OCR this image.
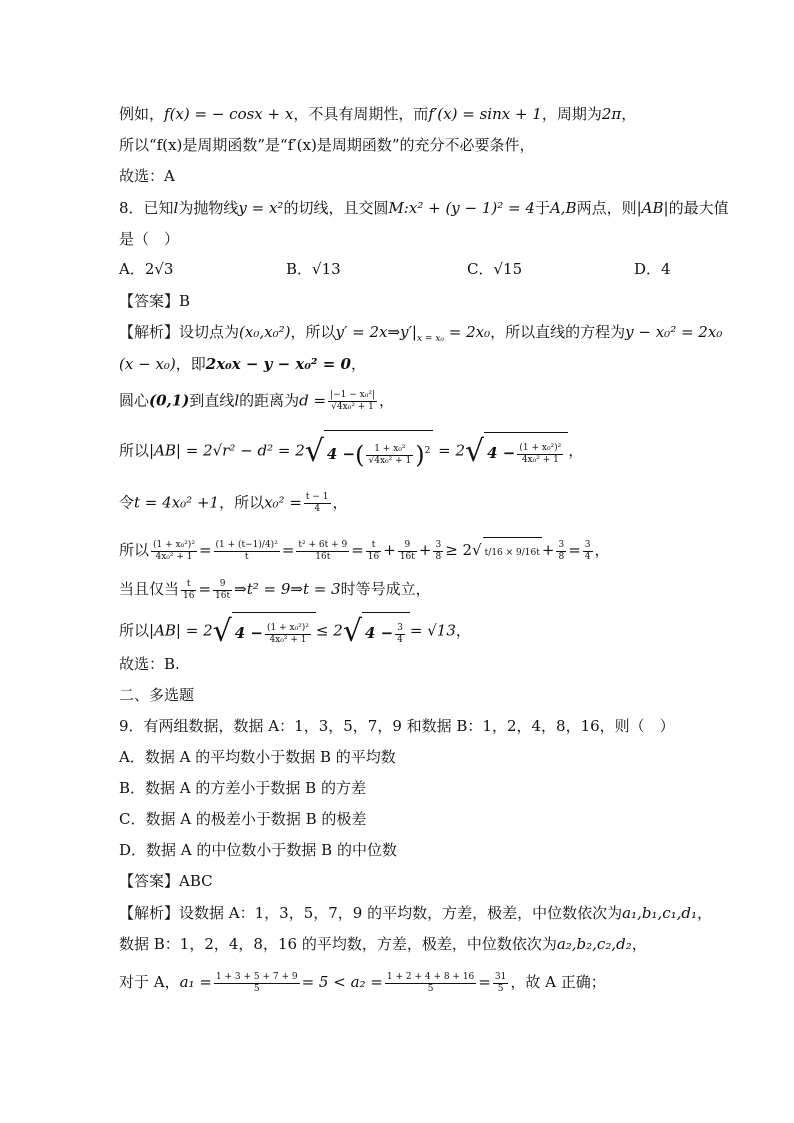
例如，f(x) = − cosx + x，不具有周期性，而f′(x) = sinx + 1，周期为2π，
所以“f(x)是周期函数”是“f′(x)是周期函数”的充分不必要条件，
故选：A
8．已知l为抛物线y = x²的切线，且交圆M:x² + (y − 1)² = 4于A,B两点，则|AB|的最大值
是（　）
A．2√3	B．√13	C．√15	D．4
【答案】B
【解析】设切点为(x₀,x₀²)，所以$y' = 2x\Rightarrow y'|_{x = x_0} = 2x_0$，所以直线的方程为y − x₀² = 2x₀
(x − x₀)，即2x₀x − y − x₀² = 0，
圆心(0,1)到直线l的距离为$d = \frac{\text{|−1 − x₀²|}}{\text{√4x₀² + 1}}$ ，
所以|AB| = 2√r² − d² = 2√ 4 −( $\frac{\text{1 + x₀²}}{\text{√4x₀² + 1}} )^2 = 2√$ $4 - \frac{\text{(1 + x₀²)²}}{\text{4x₀² + 1}}$ ，
令t = 4x₀² +1，所以$x_0^2 = \frac{t - 1}{4}$ ，
所以 $\frac{\text{(1 + x₀²)²}}{\text{4x₀² + 1}} = \frac{\text{(1 + (t−1)/4)²}}{t} = \frac{\text{t² + 6t + 9}}{16t} = \frac{t}{16} + \frac{9}{16t} + \frac{3}{8} \ge 2√$ $t/16 \times 9/16t + \frac{3}{8} = \frac{3}{4}$ ，
当且仅当 $\frac{t}{16} = \frac{9}{16t}$ ⇒t² = 9⇒t = 3时等号成立，
所以|AB| = 2√ $4 - \frac{\text{(1 + x₀²)²}}{\text{4x₀² + 1}} \le 2√$ $4 - \frac{3}{4} = √13$，
故选：B.
二、多选题
9．有两组数据，数据 A：1，3，5，7，9 和数据 B：1，2，4，8，16，则（　）
A．数据 A 的平均数小于数据 B 的平均数
B．数据 A 的方差小于数据 B 的方差
C．数据 A 的极差小于数据 B 的极差
D．数据 A 的中位数小于数据 B 的中位数
【答案】ABC
【解析】设数据 A：1，3，5，7，9 的平均数，方差，极差，中位数依次为a₁,b₁,c₁,d₁，
数据 B：1，2，4，8，16 的平均数，方差，极差，中位数依次为a₂,b₂,c₂,d₂，
对于 A，$a_1 = \frac{1 + 3 + 5 + 7 + 9}{5} = 5 < a_2 = \frac{1 + 2 + 4 + 8 + 16}{5} = \frac{31}{5}$ ，故 A 正确；
